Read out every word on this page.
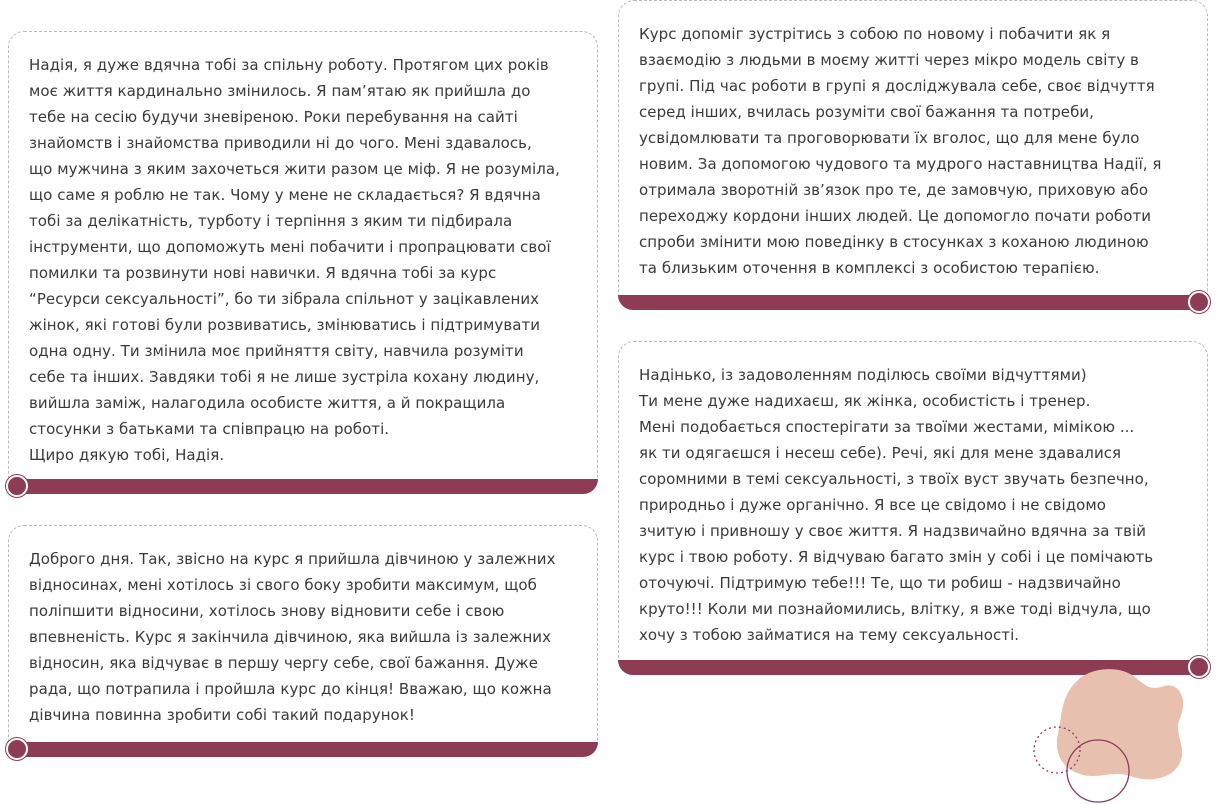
Надія, я дуже вдячна тобі за спільну роботу. Протягом цих років

моє життя кардинально змінилось. Я пам’ятаю як прийшла до

тебе на сесію будучи зневіреною. Роки перебування на сайті

знайомств і знайомства приводили ні до чого. Мені здавалось,

що мужчина з яким захочеться жити разом це міф. Я не розуміла,

що саме я роблю не так. Чому у мене не складається? Я вдячна

тобі за делікатність, турботу і терпіння з яким ти підбирала

інструменти, що допоможуть мені побачити і пропрацювати свої

помилки та розвинути нові навички. Я вдячна тобі за курс

“Ресурси сексуальності”, бо ти зібрала спільнот у зацікавлених

жінок, які готові були розвиватись, змінюватись і підтримувати

одна одну. Ти змінила моє прийняття світу, навчила розуміти

себе та інших. Завдяки тобі я не лише зустріла кохану людину,

вийшла заміж, налагодила особисте життя, а й покращила

стосунки з батьками та співпрацю на роботі.

Щиро дякую тобі, Надія.

Доброго дня. Так, звісно на курс я прийшла дівчиною у залежних

відносинах, мені хотілось зі свого боку зробити максимум, щоб

поліпшити відносини, хотілось знову відновити себе і свою

впевненість. Курс я закінчила дівчиною, яка вийшла із залежних

відносин, яка відчуває в першу чергу себе, свої бажання. Дуже

рада, що потрапила і пройшла курс до кінця! Вважаю, що кожна

дівчина повинна зробити собі такий подарунок!

Курс допоміг зустрітись з собою по новому і побачити як я

взаємодію з людьми в моєму житті через мікро модель світу в

групі. Під час роботи в групі я досліджувала себе, своє відчуття

серед інших, вчилась розуміти свої бажання та потреби,

усвідомлювати та проговорювати їх вголос, що для мене було

новим. За допомогою чудового та мудрого наставництва Надії, я

отримала зворотній зв’язок про те, де замовчую, приховую або

переходжу кордони інших людей. Це допомогло почати роботи

спроби змінити мою поведінку в стосунках з коханою людиною

та близьким оточення в комплексі з особистою терапією.

Надінько, із задоволенням поділюсь своїми відчуттями)

Ти мене дуже надихаєш, як жінка, особистість і тренер.

Мені подобається спостерігати за твоїми жестами, мімікою ...

як ти одягаєшся і несеш себе). Речі, які для мене здавалися

соромними в темі сексуальності, з твоїх вуст звучать безпечно,

природньо і дуже органічно. Я все це свідомо і не свідомо

зчитую і привношу у своє життя. Я надзвичайно вдячна за твій

курс і твою роботу. Я відчуваю багато змін у собі і це помічають

оточуючі. Підтримую тебе!!! Те, що ти робиш - надзвичайно

круто!!! Коли ми познайомились, влітку, я вже тоді відчула, що

хочу з тобою займатися на тему сексуальності.
